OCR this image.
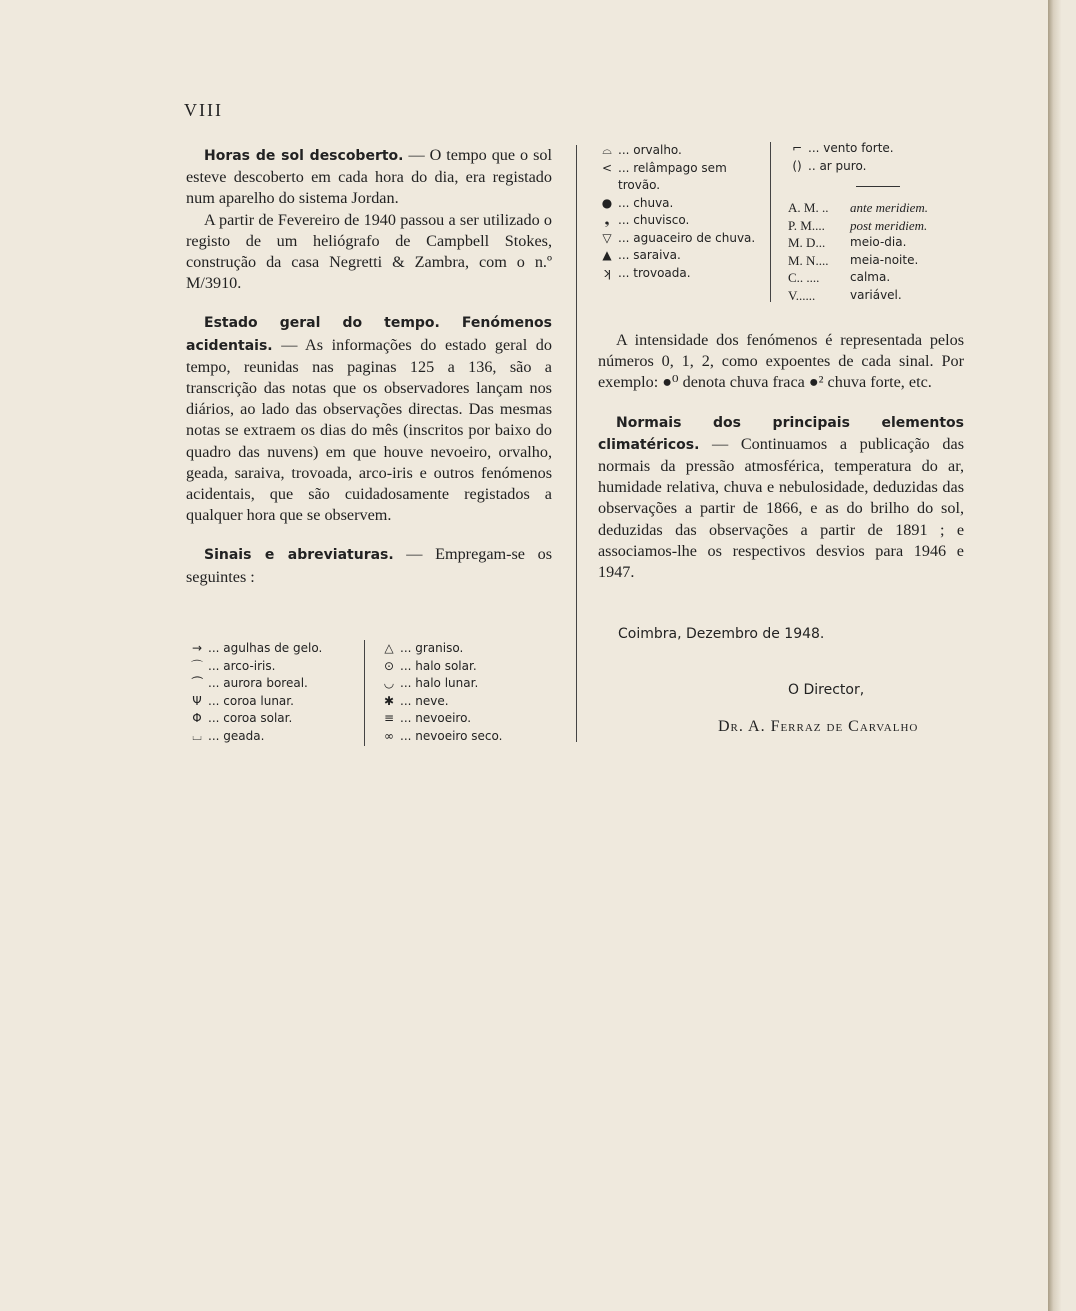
VIII

Horas de sol descoberto. — O tempo que o sol esteve descoberto em cada hora do dia, era registado num aparelho do sistema Jordan.

A partir de Fevereiro de 1940 passou a ser utilizado o registo de um heliógrafo de Campbell Stokes, construção da casa Negretti & Zambra, com o n.º M/3910.

Estado geral do tempo. Fenómenos acidentais. — As informações do estado geral do tempo, reunidas nas paginas 125 a 136, são a transcrição das notas que os observadores lançam nos diários, ao lado das observações directas. Das mesmas notas se extraem os dias do mês (inscritos por baixo do quadro das nuvens) em que houve nevoeiro, orvalho, geada, saraiva, trovoada, arco-iris e outros fenómenos acidentais, que são cuidadosamente registados a qualquer hora que se observem.

Sinais e abreviaturas. — Empregam-se os seguintes :

→ ... agulhas de gelo.
⌒ ... arco-iris.
⏜ ... aurora boreal.
Ψ ... coroa lunar.
Φ ... coroa solar.
⌴ ... geada.
△ ... graniso.
⊙ ... halo solar.
◡ ... halo lunar.
✱ ... neve.
≡ ... nevoeiro.
∞ ... nevoeiro seco.
⌓ ... orvalho.
< ... relâmpago sem trovão.
● ... chuva.
❟ ... chuvisco.
▽ ... aguaceiro de chuva.
▲ ... saraiva.
ʞ ... trovoada.
⌐ ... vento forte.
() .. ar puro.
A. M. ..	ante meridiem.
P. M....	post meridiem.
M. D...	meio-dia.
M. N....	meia-noite.
C.. ....	calma.
V......	variável.

A intensidade dos fenómenos é representada pelos números 0, 1, 2, como expoentes de cada sinal. Por exemplo: ●⁰ denota chuva fraca ●² chuva forte, etc.

Normais dos principais elementos climatéricos. — Continuamos a publicação das normais da pressão atmosférica, temperatura do ar, humidade relativa, chuva e nebulosidade, deduzidas das observações a partir de 1866, e as do brilho do sol, deduzidas das observações a partir de 1891 ; e associamos-lhe os respectivos desvios para 1946 e 1947.

Coimbra, Dezembro de 1948.
O Director,
Dr. A. Ferraz de Carvalho
